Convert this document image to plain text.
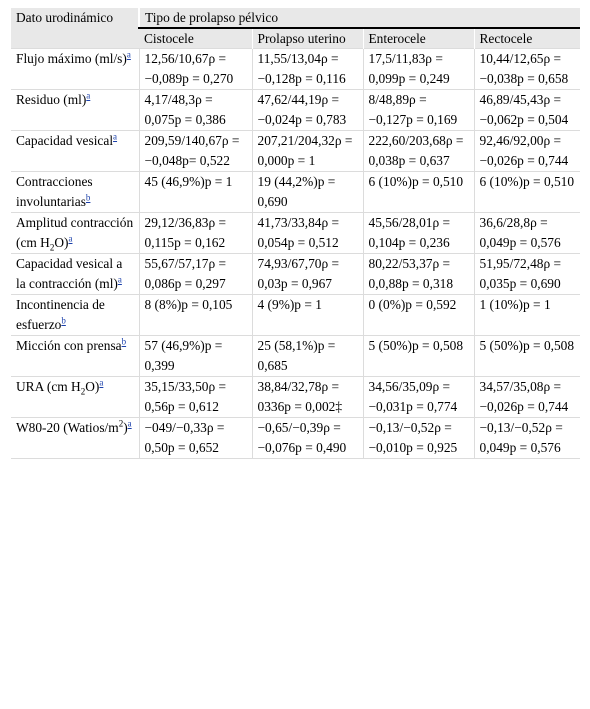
Dato urodinámico	Tipo de prolapso pélvico			
	Cistocele	Prolapso uterino	Enterocele	Rectocele
Flujo máximo (ml/s)$^a$	12,56/10,67ρ = −0,089p = 0,270	11,55/13,04ρ = −0,128p = 0,116	17,5/11,83ρ = 0,099p = 0,249	10,44/12,65ρ = −0,038p = 0,658
Residuo (ml)$^a$	4,17/48,3ρ = 0,075p = 0,386	47,62/44,19ρ = −0,024p = 0,783	8/48,89ρ = −0,127p = 0,169	46,89/45,43ρ = −0,062p = 0,504
Capacidad vesical$^a$	209,59/140,67ρ = −0,048p= 0,522	207,21/204,32ρ = 0,000p = 1	222,60/203,68ρ = 0,038p = 0,637	92,46/92,00ρ = −0,026p = 0,744
Contracciones involuntarias$^b$	45 (46,9%)p = 1	19 (44,2%)p = 0,690	6 (10%)p = 0,510	6 (10%)p = 0,510
Amplitud contracción (cm $H_2O)^a$	29,12/36,83ρ = 0,115p = 0,162	41,73/33,84ρ = 0,054p = 0,512	45,56/28,01ρ = 0,104p = 0,236	36,6/28,8ρ = 0,049p = 0,576
Capacidad vesical a la contracción (ml)$^a$	55,67/57,17ρ = 0,086p = 0,297	74,93/67,70ρ = 0,03p = 0,967	80,22/53,37ρ = 0,0,88p = 0,318	51,95/72,48ρ = 0,035p = 0,690
Incontinencia de esfuerzo$^b$	8 (8%)p = 0,105	4 (9%)p = 1	0 (0%)p = 0,592	1 (10%)p = 1
Micción con prensa$^b$	57 (46,9%)p = 0,399	25 (58,1%)p = 0,685	5 (50%)p = 0,508	5 (50%)p = 0,508
URA (cm $H_2O)^a$	35,15/33,50ρ = 0,56p = 0,612	38,84/32,78ρ = 0336p = 0,002‡	34,56/35,09ρ = −0,031p = 0,774	34,57/35,08ρ = −0,026p = 0,744
W80-20 $(Watios/m^2)^a$	−049/−0,33ρ = 0,50p = 0,652	−0,65/−0,39ρ = −0,076p = 0,490	−0,13/−0,52ρ = −0,010p = 0,925	−0,13/−0,52ρ = 0,049p = 0,576
